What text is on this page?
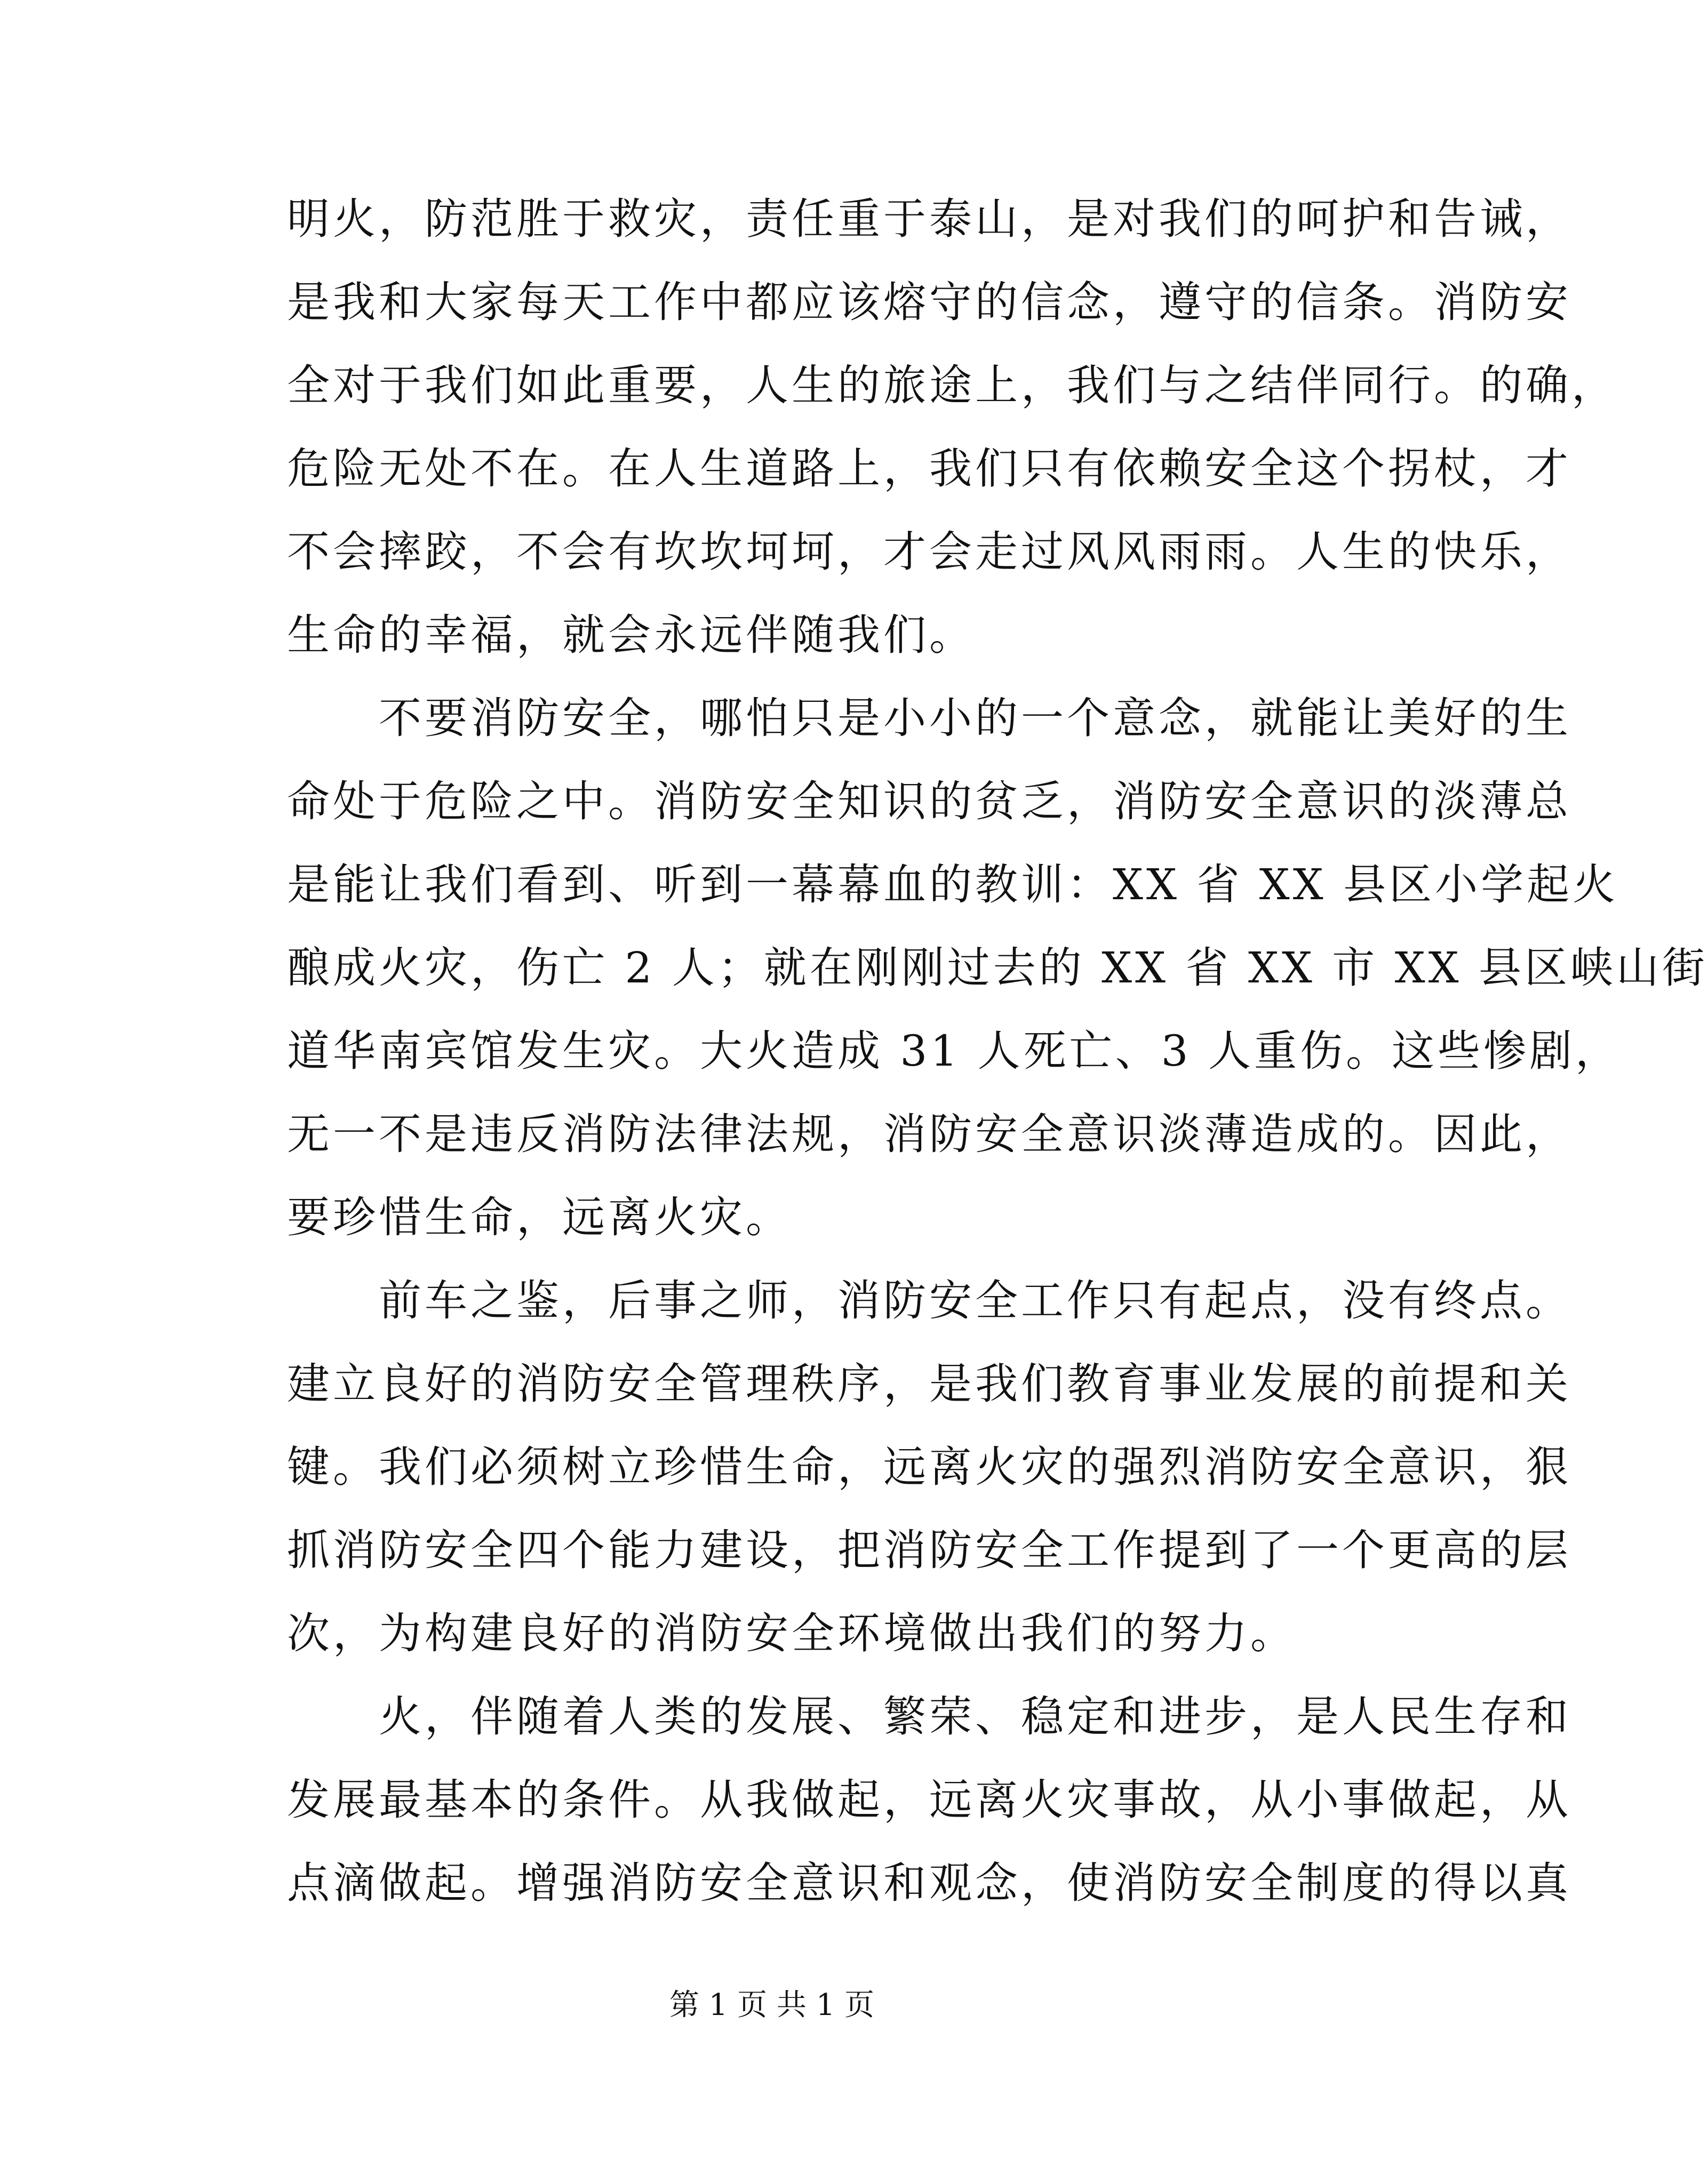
明火，防范胜于救灾，责任重于泰山，是对我们的呵护和告诫，
是我和大家每天工作中都应该熔守的信念，遵守的信条。消防安
全对于我们如此重要，人生的旅途上，我们与之结伴同行。的确，
危险无处不在。在人生道路上，我们只有依赖安全这个拐杖，才
不会摔跤，不会有坎坎坷坷，才会走过风风雨雨。人生的快乐，
生命的幸福，就会永远伴随我们。
　　不要消防安全，哪怕只是小小的一个意念，就能让美好的生
命处于危险之中。消防安全知识的贫乏，消防安全意识的淡薄总
是能让我们看到、听到一幕幕血的教训：XX 省 XX 县区小学起火
酿成火灾，伤亡 2 人；就在刚刚过去的 XX 省 XX 市 XX 县区峡山街
道华南宾馆发生灾。大火造成 31 人死亡、3 人重伤。这些惨剧，
无一不是违反消防法律法规，消防安全意识淡薄造成的。因此，
要珍惜生命，远离火灾。
　　前车之鉴，后事之师，消防安全工作只有起点，没有终点。
建立良好的消防安全管理秩序，是我们教育事业发展的前提和关
键。我们必须树立珍惜生命，远离火灾的强烈消防安全意识，狠
抓消防安全四个能力建设，把消防安全工作提到了一个更高的层
次，为构建良好的消防安全环境做出我们的努力。
　　火，伴随着人类的发展、繁荣、稳定和进步，是人民生存和
发展最基本的条件。从我做起，远离火灾事故，从小事做起，从
点滴做起。增强消防安全意识和观念，使消防安全制度的得以真
第 1 页 共 1 页
